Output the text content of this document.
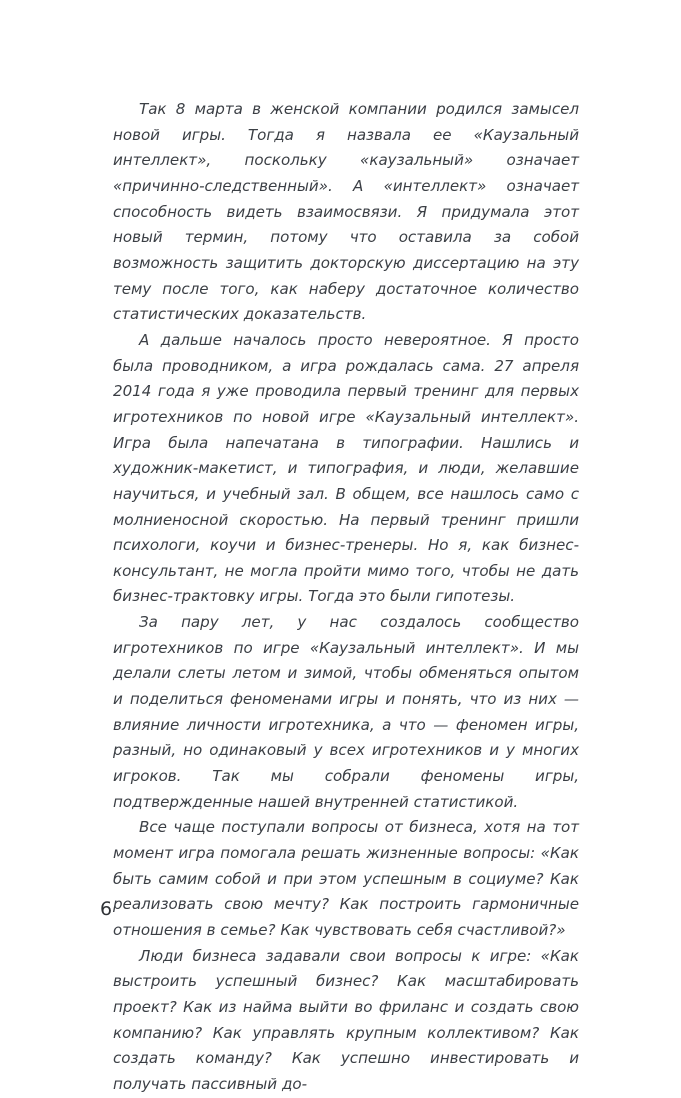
Так 8 марта в женской компании родился замысел новой игры. Тогда я назвала ее «Каузальный интеллект», поскольку «каузальный» означает «причинно-следственный». А «интеллект» означает способность видеть взаимосвязи. Я придумала этот новый термин, потому что оставила за собой возможность защитить докторскую диссертацию на эту тему после того, как наберу достаточное количество статистических доказательств.

А дальше началось просто невероятное. Я просто была проводником, а игра рождалась сама. 27 апреля 2014 года я уже проводила первый тренинг для первых игротехников по новой игре «Каузальный интеллект». Игра была напечатана в типографии. Нашлись и художник-макетист, и типография, и люди, желавшие научиться, и учебный зал. В общем, все нашлось само с молниеносной скоростью. На первый тренинг пришли психологи, коучи и бизнес-тренеры. Но я, как бизнес-консультант, не могла пройти мимо того, чтобы не дать бизнес-трактовку игры. Тогда это были гипотезы.

За пару лет, у нас создалось сообщество игротехников по игре «Каузальный интеллект». И мы делали слеты летом и зимой, чтобы обменяться опытом и поделиться феноменами игры и понять, что из них — влияние личности игротехника, а что — феномен игры, разный, но одинаковый у всех игротехников и у многих игроков. Так мы собрали феномены игры, подтвержденные нашей внутренней статистикой.

Все чаще поступали вопросы от бизнеса, хотя на тот момент игра помогала решать жизненные вопросы: «Как быть самим собой и при этом успешным в социуме? Как реализовать свою мечту? Как построить гармоничные отношения в семье? Как чувствовать себя счастливой?»

Люди бизнеса задавали свои вопросы к игре: «Как выстроить успешный бизнес? Как масштабировать проект? Как из найма выйти во фриланс и создать свою компанию? Как управлять крупным коллективом? Как создать команду? Как успешно инвестировать и получать пассивный до-

6
